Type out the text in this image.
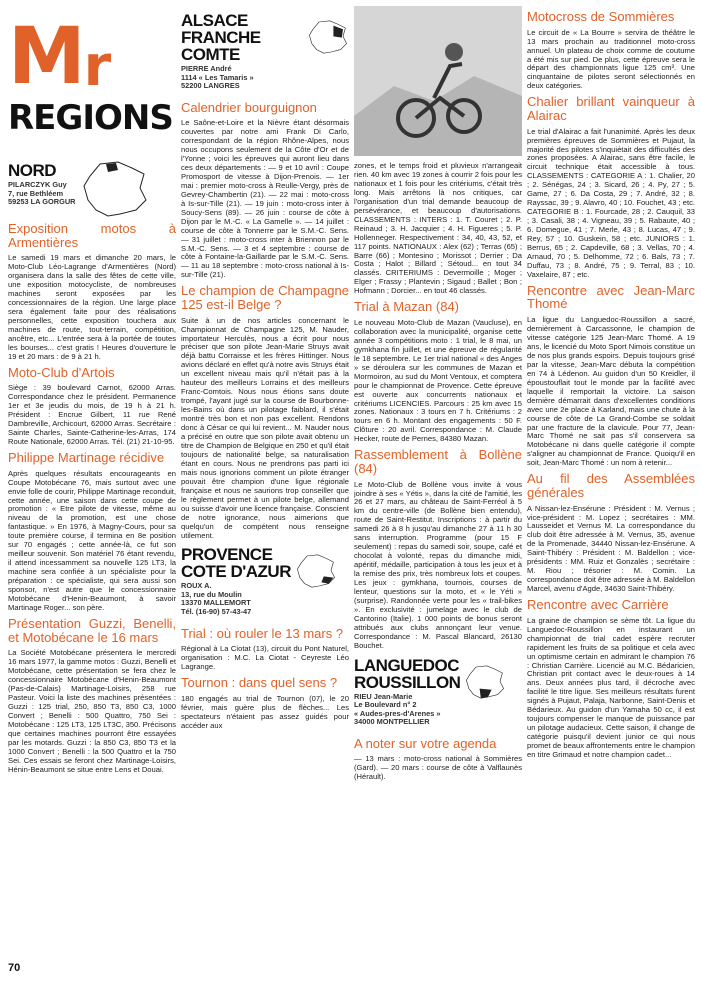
M r
REGIONS
NORD
PILARCZYK Guy
7, rue Bethléem
59253 LA GORGUR
Exposition motos à Armentières

Le samedi 19 mars et dimanche 20 mars, le Moto-Club Léo-Lagrange d'Armentières (Nord) organisera dans la salle des fêtes de cette ville, une exposition motocycliste, de nombreuses machines seront exposées par les concessionnaires de la région. Une large place sera également faite pour des réalisations personnelles, cette exposition touchera aux machines de route, tout-terrain, compétition, ancêtre, etc... L'entrée sera à la portée de toutes les bourses... c'est gratis ! Heures d'ouverture le 19 et 20 mars : de 9 à 21 h.

Moto-Club d'Artois

Siège : 39 boulevard Carnot, 62000 Arras. Correspondance chez le président. Permanence 1er et 3e jeudis du mois, de 19 h à 21 h. Président : Encrue Gilbert, 11 rue René Dambreville, Archicourt, 62000 Arras. Secrétaire : Sainte Charles, Sainte-Catherine-les-Arras, 174 Route Nationale, 62000 Arras. Tél. (21) 21-10-95.

Philippe Martinage récidive

Après quelques résultats encourageants en Coupe Motobécane 76, mais surtout avec une envie folle de courir, Philippe Martinage reconduit, cette année, une saison dans cette coupe de promotion : « Etre pilote de vitesse, même au niveau de la promotion, est une chose fantastique. » En 1976, à Magny-Cours, pour sa toute première course, il termina en 8e position sur 70 engagés ; cette année-là, ce fut son meilleur souvenir. Son matériel 76 étant revendu, il attend incessamment sa nouvelle 125 LT3, la machine sera confiée à un spécialiste pour la préparation : ce spécialiste, qui sera aussi son sponsor, n'est autre que le concessionnaire Motobécane d'Henin-Beaumont, à savoir Martinage Roger... son père.

Présentation Guzzi, Benelli, et Motobécane le 16 mars

La Société Motobécane présentera le mercredi 16 mars 1977, la gamme motos : Guzzi, Benelli et Motobécane, cette présentation se fera chez le concessionnaire Motobécane d'Henin-Beaumont (Pas-de-Calais) Martinage-Loisirs, 258 rue Pasteur. Voici la liste des machines présentées : Guzzi : 125 trial, 250, 850 T3, 850 C3, 1000 Convert ; Benelli : 500 Quattro, 750 Sei : Motobécane : 125 LT3, 125 LT3C, 350. Précisons que certaines machines pourront être essayées par les motards. Guzzi : la 850 C3, 850 T3 et la 1000 Convert ; Benelli : la 500 Quattro et la 750 Sei. Ces essais se feront chez Martinage-Loisirs, Hénin-Beaumont se situe entre Lens et Douai.

ALSACE
FRANCHE COMTE
PIERRE André
1114 « Les Tamaris »
52200 LANGRES
Calendrier bourguignon

Le Saône-et-Loire et la Nièvre étant désormais couvertes par notre ami Frank Di Carlo, correspondant de la région Rhône-Alpes, nous nous occupons seulement de la Côte d'Or et de l'Yonne ; voici les épreuves qui auront lieu dans ces deux départements : — 9 et 10 avril : Coupe Promosport de vitesse à Dijon-Prenois. — 1er mai : premier moto-cross à Reulle-Vergy, près de Gevrey-Chambertin (21). — 22 mai : moto-cross à Is-sur-Tille (21). — 19 juin : moto-cross inter à Soucy-Sens (89). — 26 juin : course de côte à Dijon par le M.-C. « La Gamelle ». — 14 juillet : course de côte à Tonnerre par le S.M.-C. Sens. — 31 juillet : moto-cross inter à Briennon par le S.M.-C. Sens. — 3 et 4 septembre : course de côte à Fontaine-la-Gaillarde par le S.M.-C. Sens. — 11 au 18 septembre : moto-cross national à Is-sur-Tille (21).

Le champion de Champagne 125 est-il Belge ?

Suite à un de nos articles concernant le Championnat de Champagne 125, M. Nauder, importateur Herculès, nous a écrit pour nous préciser que son pilote Jean-Marie Struys avait déjà battu Corraisse et les frères Hittinger. Nous avions déclaré en effet qu'à notre avis Struys était un excellent niveau mais qu'il n'était pas à la hauteur des meilleurs Lorrains et des meilleurs Franc-Comtois. Nous nous étions sans doute trompé, l'ayant jugé sur la course de Bourbonne-les-Bains où dans un pilotage faiblard, il s'était montré très bon et non pas excellent. Rendons donc à César ce qui lui revient... M. Nauder nous a précisé en outre que son pilote avait obtenu un titre de Champion de Belgique en 250 et qu'il était toujours de nationalité belge, sa naturalisation étant en cours. Nous ne prendrons pas parti ici mais nous ignorions comment un pilote étranger pouvait être champion d'une ligue régionale française et nous ne saurions trop conseiller que le règlement permet à un pilote belge, allemand ou suisse d'avoir une licence française. Conscient de notre ignorance, nous aimerions que quelqu'un de compétent nous renseigne utilement.

PROVENCE
COTE D'AZUR
ROUX A.
13, rue du Moulin
13370 MALLEMORT
Tél. (16-90) 57-43-47
Trial : où rouler le 13 mars ?

Régional à La Ciotat (13), circuit du Pont Naturel, organisation : M.C. La Ciotat - Ceyreste Léo Lagrange.

Tournon : dans quel sens ?

180 engagés au trial de Tournon (07), le 20 février, mais guère plus de flèches... Les spectateurs n'étaient pas assez guidés pour accéder aux

zones, et le temps froid et pluvieux n'arrangeait rien. 40 km avec 19 zones à courrir 2 fois pour les nationaux et 1 fois pour les critériums, c'était très long. Mais arrêtons là nos critiques, car l'organisation d'un trial demande beaucoup de persévérance, et beaucoup d'autorisations. CLASSEMENTS : INTERS : 1. T. Couret ; 2. P. Reinaud ; 3. H. Jacquier ; 4. H. Figueres ; 5. P. Hollenneger. Respectivement : 34, 40, 43, 52, et 117 points. NATIONAUX : Alex (62) ; Terras (65) ; Barre (66) ; Montesino ; Morissot ; Derrier ; Da Costa ; Halot ; Billard ; Sétoud... en tout 34 classés. CRITERIUMS : Devermoille ; Moger ; Elger ; Frassy ; Plantevin ; Sigaud ; Ballet ; Bon ; Hofmann ; Dorcier... en tout 46 classés.

Trial à Mazan (84)

Le nouveau Moto-Club de Mazan (Vaucluse), en collaboration avec la municipalité, organise cette année 3 compétitions moto : 1 trial, le 8 mai, un gymkhana fin juillet, et une épreuve de régularité le 18 septembre. Le 1er trial national « des Anges » se déroulera sur les communes de Mazan et Mormoiron, au sud du Mont Ventoux, et comptera pour le championnat de Provence. Cette épreuve est ouverte aux concurrents nationaux et critériums LICENCIES. Parcours : 25 km avec 15 zones. Nationaux : 3 tours en 7 h. Critériums : 2 tours en 6 h. Montant des engagements : 50 F. Clôture : 20 avril. Correspondance : M. Claude Hecker, route de Pernes, 84380 Mazan.

Rassemblement à Bollène (84)

Le Moto-Club de Bollène vous invite à vous joindre à ses « Yétis », dans la cité de l'amitié, les 26 et 27 mars, au château de Saint-Ferréol à 5 km du centre-ville (de Bollène bien entendu), route de Saint-Restitut. Inscriptions : à partir du samedi 26 à 8 h jusqu'au dimanche 27 à 11 h 30 sans interruption. Programme (pour 15 F seulement) : repas du samedi soir, soupe, café et chocolat à volonté, repas du dimanche midi, apéritif, médaille, participation à tous les jeux et à la remise des prix, très nombreux lots et coupes. Les jeux : gymkhana, tournois, courses de lenteur, questions sur la moto, et « le Yéti » (surprise). Randonnée verte pour les « trail-bikes ». En exclusivité : jumelage avec le club de Cantorino (Italie). 1 000 points de bonus seront attribués aux clubs annonçant leur venue. Correspondance : M. Pascal Blancard, 26130 Bouchet.

LANGUEDOC
ROUSSILLON
RIEU Jean-Marie
Le Boulevard n° 2
« Audes-pres-d'Arenes »
34000 MONTPELLIER
A noter sur votre agenda

— 13 mars : moto-cross national à Sommières (Gard). — 20 mars : course de côte à Valflaunès (Hérault).

Motocross de Sommières

Le circuit de « La Bourre » servira de théâtre le 13 mars prochain au traditionnel moto-cross annuel. Un plateau de choix comme de coutume a été mis sur pied. De plus, cette épreuve sera le départ des championnats ligue 125 cm³. Une cinquantaine de pilotes seront sélectionnés en deux catégories.

Chalier brillant vainqueur à Alairac

Le trial d'Alairac a fait l'unanimité. Après les deux premières épreuves de Sommières et Pujaut, la majorité des pilotes s'inquiétait des difficultés des zones proposées. A Alairac, sans être facile, le circuit technique était accessible à tous. CLASSEMENTS : CATEGORIE A : 1. Chalier, 20 ; 2. Sénégas, 24 ; 3. Sicard, 26 ; 4. Py, 27 ; 5. Game, 27 ; 6. Da Costa, 29 ; 7. André, 32 ; 8. Rayssac, 39 ; 9. Alavro, 40 ; 10. Fouchet, 43 ; etc. CATEGORIE B : 1. Fourcade, 28 ; 2. Cauquil, 33 ; 3. Casali, 38 ; 4. Vigneau, 39 ; 5. Rabaute, 40 ; 6. Domegue, 41 ; 7. Merle, 43 ; 8. Lucas, 47 ; 9. Rey, 57 ; 10. Guskein, 58 ; etc. JUNIORS : 1. Berrus, 65 ; 2. Capdeville, 68 ; 3. Vellas, 70 ; 4. Arnaud, 70 ; 5. Delhomme, 72 ; 6. Bals, 73 ; 7. Duffau, 73 ; 8. André, 75 ; 9. Terral, 83 ; 10. Vaxelaire, 87 ; etc.

Rencontre avec Jean-Marc Thomé

La ligue du Languedoc-Roussillon a sacré, dernièrement à Carcassonne, le champion de vitesse catégorie 125 Jean-Marc Thomé. A 19 ans, le licencié du Moto Sport Nimois constitue un de nos plus grands espoirs. Depuis toujours grisé par la vitesse, Jean-Marc débuta la compétition en 74 à Lédenon. Au guidon d'un 50 Kreidler, il époustouflait tout le monde par la facilité avec laquelle il remportait la victoire. La saison dernière démarrait dans d'excellentes conditions avec une 2e place à Karland, mais une chute à la course de côte de La Grand-Combe se soldait par une fracture de la clavicule. Pour 77, Jean-Marc Thomé ne sait pas s'il conservera sa Motobécane ni dans quelle catégorie il compte s'aligner au championnat de France. Quoiqu'il en soit, Jean-Marc Thomé : un nom à retenir...

Au fil des Assemblées générales

A Nissan-lez-Ensérune : Président : M. Vernus ; vice-président : M. Lopez ; secrétaires : MM. Lausseidet et Vernus M. La correspondance du club doit être adressée à M. Vernus, 35, avenue de la Promenade, 34440 Nissan-lez-Ensérune. A Saint-Thibéry : Président : M. Baldellon ; vice-présidents : MM. Ruiz et Gonzalès ; secrétaire : M. Riou ; trésorier : M. Comin. La correspondance doit être adressée à M. Baldellon Marcel, avenu d'Agde, 34630 Saint-Thibéry.

Rencontre avec Carrière

La graine de champion se sème tôt. La ligue du Languedoc-Roussillon en instaurant un championnat de trial cadet espère recruter rapidement les fruits de sa politique et cela avec un optimisme certain en admirant le champion 76 : Christian Carrière. Licencié au M.C. Bédaricien, Christian prit contact avec le deux-roues à 14 ans. Deux années plus tard, il décroche avec facilité le titre ligue. Ses meilleurs résultats furent signés à Pujaut, Palaja, Narbonne, Saint-Denis et Bédarieux. Au guidon d'un Yamaha 50 cc, il est toujours compenser le manque de puissance par un pilotage audacieux. Cette saison, il change de catégorie puisqu'il devient junior ce qui nous promet de beaux affrontements entre le champion en titre Grimaud et notre champion cadet...

70
